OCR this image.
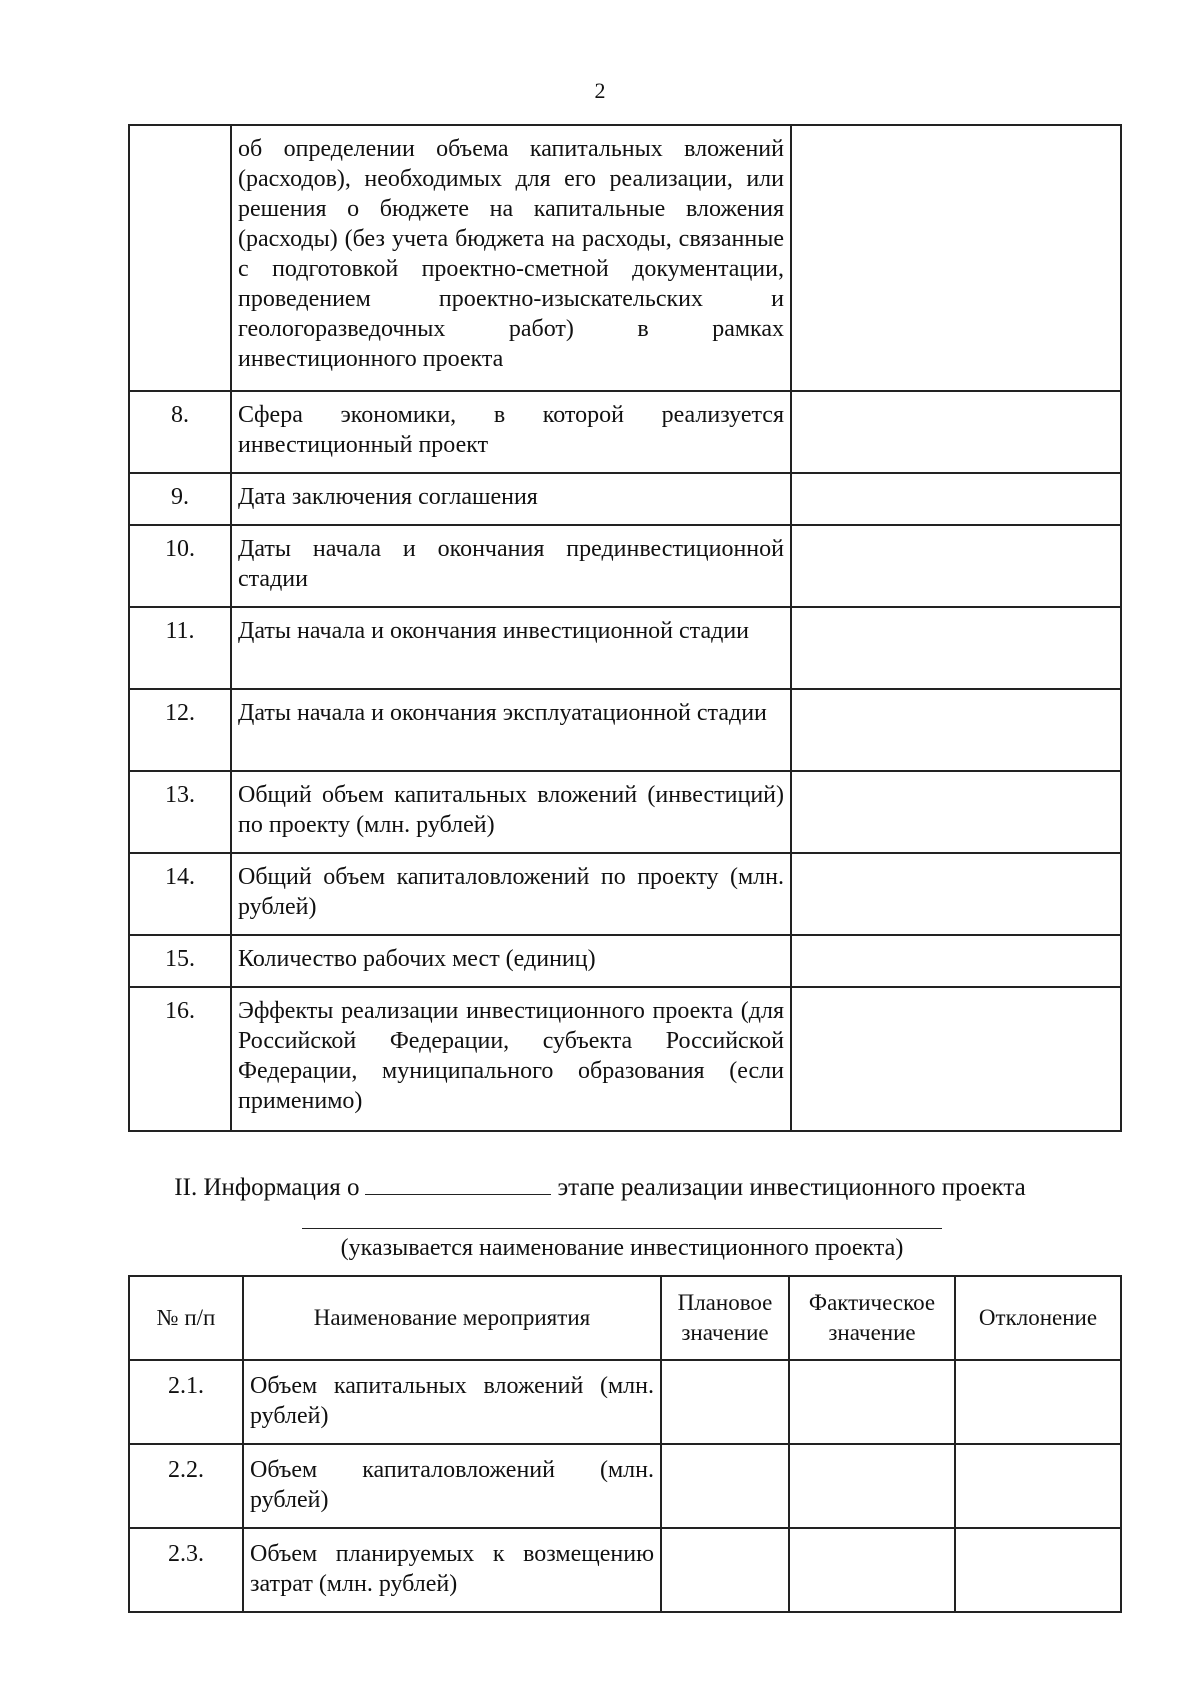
2
	об определении объема капитальных вложений (расходов), необходимых для его реализации, или решения о бюджете на капитальные вложения (расходы) (без учета бюджета на расходы, связанные с подготовкой проектно-сметной документации, проведением проектно-изыскательских и геологоразведочных работ) в рамках инвестиционного проекта	
8.	Сфера экономики, в которой реализуется инвестиционный проект	
9.	Дата заключения соглашения	
10.	Даты начала и окончания прединвестиционной стадии	
11.	Даты начала и окончания инвестиционной стадии	
12.	Даты начала и окончания эксплуатационной стадии	
13.	Общий объем капитальных вложений (инвестиций) по проекту (млн. рублей)	
14.	Общий объем капиталовложений по проекту (млн. рублей)	
15.	Количество рабочих мест (единиц)	
16.	Эффекты реализации инвестиционного проекта (для Российской Федерации, субъекта Российской Федерации, муниципального образования (если применимо)	
II. Информация о	этапе реализации инвестиционного проекта
(указывается наименование инвестиционного проекта)
№ п/п	Наименование мероприятия	Плановое значение	Фактическое значение	Отклонение
2.1.	Объем капитальных вложений (млн. рублей)			
2.2.	Объем капиталовложений (млн. рублей)			
2.3.	Объем планируемых к возмещению затрат (млн. рублей)			
